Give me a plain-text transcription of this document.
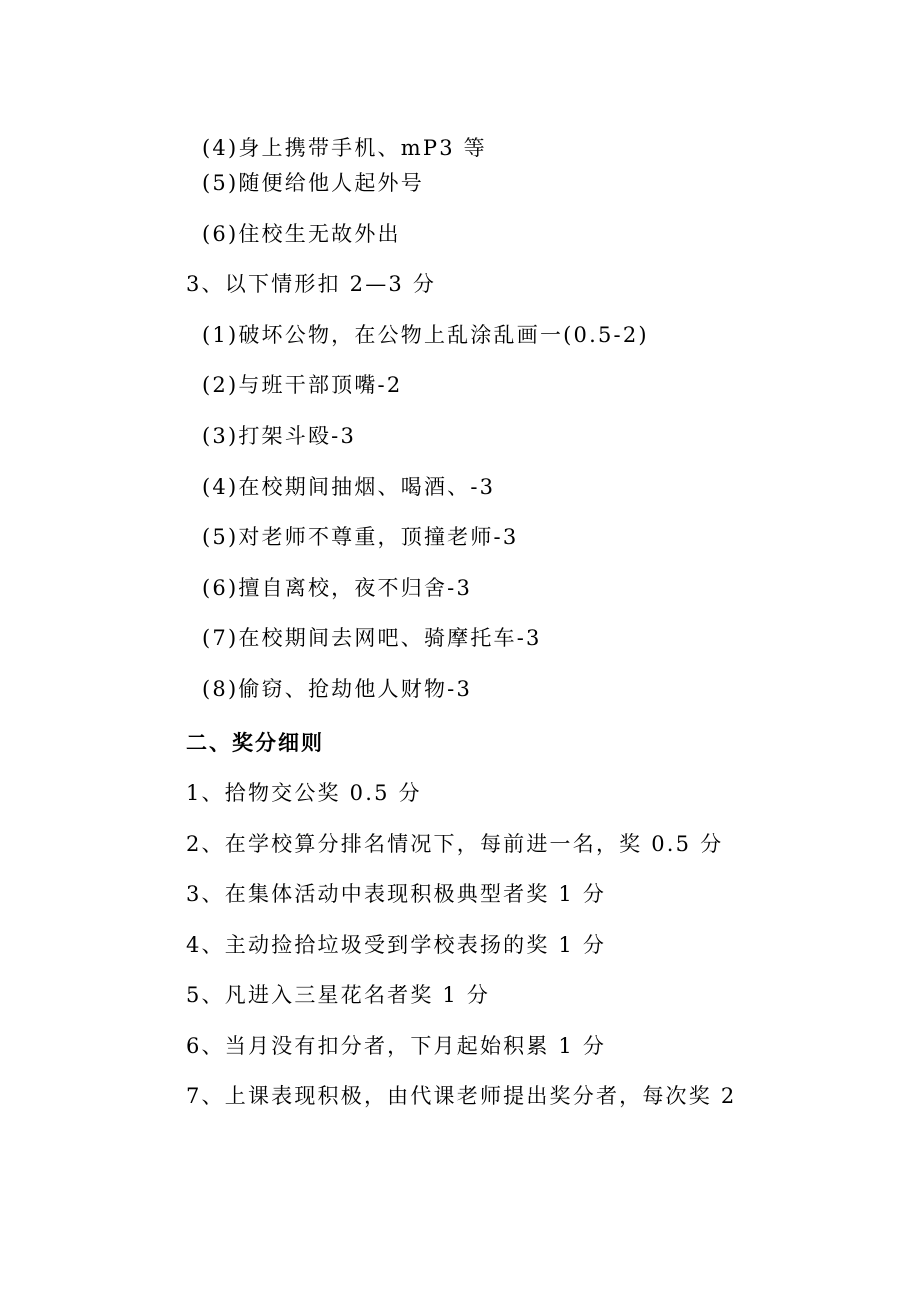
(4)身上携带手机、mP3 等
(5)随便给他人起外号
(6)住校生无故外出
3、以下情形扣 2—3 分
(1)破坏公物，在公物上乱涂乱画一(0.5-2)
(2)与班干部顶嘴-2
(3)打架斗殴-3
(4)在校期间抽烟、喝酒、-3
(5)对老师不尊重，顶撞老师-3
(6)擅自离校，夜不归舍-3
(7)在校期间去网吧、骑摩托车-3
(8)偷窃、抢劫他人财物-3
二、奖分细则
1、拾物交公奖 0.5 分
2、在学校算分排名情况下，每前进一名，奖 0.5 分
3、在集体活动中表现积极典型者奖 1 分
4、主动捡拾垃圾受到学校表扬的奖 1 分
5、凡进入三星花名者奖 1 分
6、当月没有扣分者，下月起始积累 1 分
7、上课表现积极，由代课老师提出奖分者，每次奖 2
